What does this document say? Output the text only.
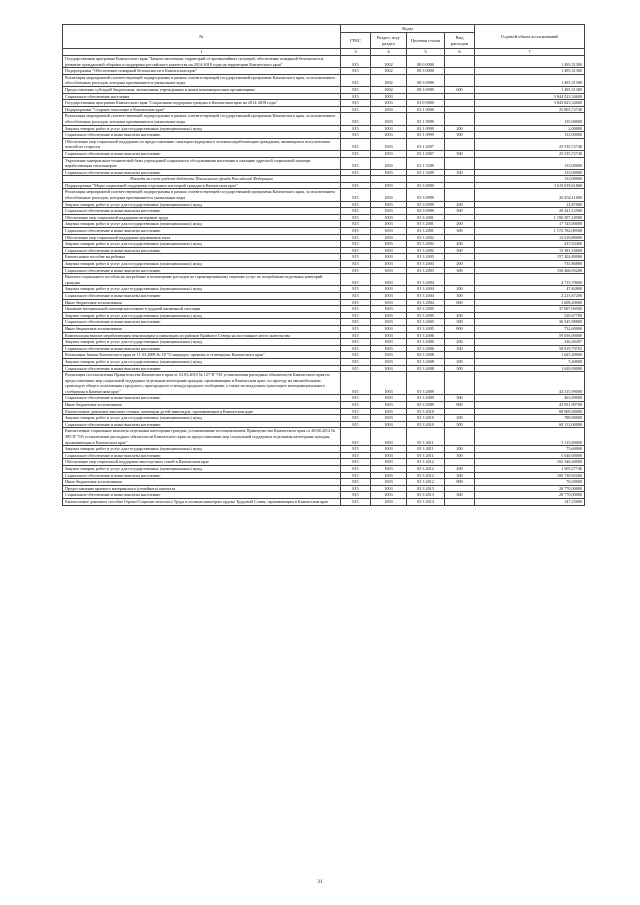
№	Коды				Годовой объем ассигнований
	ГРБС	Раздел, под-раздел	Целевая статья	Вид расходов	
1	3	4	5	6	7
Государственная программа Камчатского края "Защита населения, территорий от чрезвычайных ситуаций, обеспечение пожарной безопасности, развитие гражданской обороны и поддержка российского казачества на 2014-2018 годы на территории Камчатского края"	815	1002	08 0 0000		1 495,31300
Подпрограмма "Обеспечение пожарной безопасности в Камчатском крае"	815	1002	08 3 0000		1 495,31300
Реализация мероприятий соответствующей подпрограммы в рамках соответствующей государственной программы Камчатского края, за исключением обособленных расходов, которым присваиваются уникальные коды	815	1002	08 3 0999		1 495,31300
Предоставление субсидий бюджетным, автономным учреждениям и иным некоммерческим организациям	815	1002	08 3 0999	600	1 495,31300
Социальное обеспечение населения	815	1003			3 844 523,34600
Государственная программа Камчатского края "Социальная поддержка граждан в Камчатском крае на 2014-2018 годы"	815	1003	03 0 0000		3 843 823,34600
Подпрограмма "Старшее поколение в Камчатском крае"	815	1003	03 1 0000		25 803,72740
Реализация мероприятий соответствующей подпрограммы в рамках соответствующей государственной программы Камчатского края, за исключением обособленных расходов, которым присваиваются уникальные коды	815	1003	03 1 0999		135,00000
Закупка товаров, работ и услуг для государственных (муниципальных) нужд	815	1003	03 1 0999	200	2,00000
Социальное обеспечение и иные выплаты населению	815	1003	03 1 0999	300	133,00000
Обеспечение мер социальной поддержки по предоставлению санаторно-курортного лечения неработающим гражданам, являющимся получателями пенсий по старости	815	1003	03 1 2007		25 535,72740
Социальное обеспечение и иные выплаты населению	815	1003	03 1 2007	300	25 535,72740
Укрепление материально-технической базы учреждений социального обслуживания населения и оказание адресной социальной помощи неработающим пенсионерам	815	1003	03 1 5209		133,00000
Социальное обеспечение и иные выплаты населению	815	1003	03 1 5209	300	133,00000
Расходы за счет средств бюджета Пенсионного фонда Российской Федерации					133,00000
Подпрограмма "Меры социальной поддержки отдельных категорий граждан в Камчатском крае"	815	1003	03 3 0000		3 619 019,61860
Реализация мероприятий соответствующей подпрограммы в рамках соответствующей государственной программы Камчатского края, за исключением обособленных расходов, которым присваиваются уникальные коды	815	1003	03 3 0999		20 454,11000
Закупка товаров, работ и услуг для государственных (муниципальных) нужд	815	1003	03 3 0999	200	12,87000
Социальное обеспечение и иные выплаты населению	815	1003	03 3 0999	300	20 441,12500
Обеспечение мер социальной поддержки ветеранов труда	815	1003	03 3 2001		1 190 507,18500
Закупка товаров, работ и услуг для государственных (муниципальных) нужд	815	1003	03 3 2001	200	17 745,00000
Социальное обеспечение и иные выплаты населению	815	1003	03 3 2001	300	1 172 762,09500
Обеспечение мер социальной поддержки тружеников тыла	815	1003	03 3 2002		15 618,80000
Закупка товаров, работ и услуг для государственных (муниципальных) нужд	815	1003	03 3 2002	200	237,63400
Социальное обеспечение и иные выплаты населению	815	1003	03 3 2002	300	15 381,16600
Ежемесячное пособие на ребенка	815	1003	03 3 2003		157 202,80000
Закупка товаров, работ и услуг для государственных (муниципальных) нужд	815	1003	03 3 2003	200	735,86800
Социальное обеспечение и иные выплаты населению	815	1003	03 3 2003	300	156 466,93200
Выплата социального пособия на погребение и возмещение расходов по гарантированному перечню услуг по погребению отдельных категорий граждан	815	1003	03 3 2004		4 715,70000
Закупка товаров, работ и услуг для государственных (муниципальных) нужд	815	1003	03 3 2004	200	47,82800
Социальное обеспечение и иные выплаты населению	815	1003	03 3 2004	300	2 213,67200
Иные бюджетные ассигнования	815	1003	03 3 2004	800	1 608,20000
Оказание материальной помощи населению в трудной жизненной ситуации	815	1003	03 3 2005		37 607,00500
Закупка товаров, работ и услуг для государственных (муниципальных) нужд	815	1003	03 3 2005	200	528,47700
Социальное обеспечение и иные выплаты населению	815	1003	03 3 2005	300	36 345,98800
Иные бюджетные ассигнования	815	1003	03 3 2005	800	732,60000
Компенсация выплат неработающим пенсионерам и инвалидам из районов Крайнего Севера на постоянное место жительства	815	1003	03 3 2006		59 056,00000
Закупка товаров, работ и услуг для государственных (муниципальных) нужд	815	1003	03 3 2006	200	236,20297
Социальное обеспечение и иные выплаты населению	815	1003	03 3 2006	300	58 819,79703
Реализация Закона Камчатского края от 11.03.2008 № 18 "О наградах, премиях и стипендиях Камчатского края"	815	1003	03 3 2008		1 625,40000
Закупка товаров, работ и услуг для государственных (муниципальных) нужд	815	1003	03 3 2008	200	5,40000
Социальное обеспечение и иные выплаты населению	815	1003	03 3 2008	300	1 620,00000
Реализация постановления Правительства Камчатского края от 23.03.2010 № 127-П "Об установлении расходных обязательств Камчатского края по предоставлению мер социальной поддержки отдельным категориям граждан, проживающим в Камчатском крае, по проезду на автомобильном транспорте общего пользования городского, пригородного и междугородного сообщения, а также на воздушном транспорте межмуниципального сообщения в Камчатском крае"	815	1003	03 3 2009		44 315,99000
Социальное обеспечение и иные выплаты населению	815	1003	03 3 2009	300	363,99000
Иные бюджетные ассигнования	815	1003	03 3 2009	800	43 951,99700
Ежемесячные денежные выплаты семьям, имеющим детей-инвалидов, проживающим в Камчатском крае	815	1003	03 3 2010		68 900,00000
Закупка товаров, работ и услуг для государственных (муниципальных) нужд	815	1003	03 3 2010	200	788,00000
Социальное обеспечение и иные выплаты населению	815	1003	03 3 2010	300	68 112,00000
Ежемесячные социальные выплаты отдельным категориям граждан, установленные постановлением Правительства Камчатского края от 28.08.2012 № 385-П "Об установлении расходных обязательств Камчатского края по предоставлению мер социальной поддержки отдельным категориям граждан, проживающим в Камчатском крае"	815	1003	03 3 2011		5 115,60000
Закупка товаров, работ и услуг для государственных (муниципальных) нужд	815	1003	03 3 2011	200	75,60000
Социальное обеспечение и иные выплаты населению	815	1003	03 3 2011	300	5 040,00000
Обеспечение мер социальной поддержки многодетных семей в Камчатском крае	815	1003	03 3 2012		102 348,40000
Закупка товаров, работ и услуг для государственных (муниципальных) нужд	815	1003	03 3 2012	200	1 505,27740
Социальное обеспечение и иные выплаты населению	815	1003	03 3 2012	300	100 739,92260
Иные бюджетные ассигнования	815	1003	03 3 2012	800	70,20000
Предоставление краевого материнского (семейного) капитала	815	1003	03 3 2013		28 770,00000
Социальное обеспечение и иные выплаты населению	815	1003	03 3 2013	300	28 770,00000
Ежемесячное денежное пособие Героям Социалистического Труда и полным кавалерам ордена Трудовой Славы, проживающим в Камчатском крае	815	1003	03 3 2014		147,25000
31
